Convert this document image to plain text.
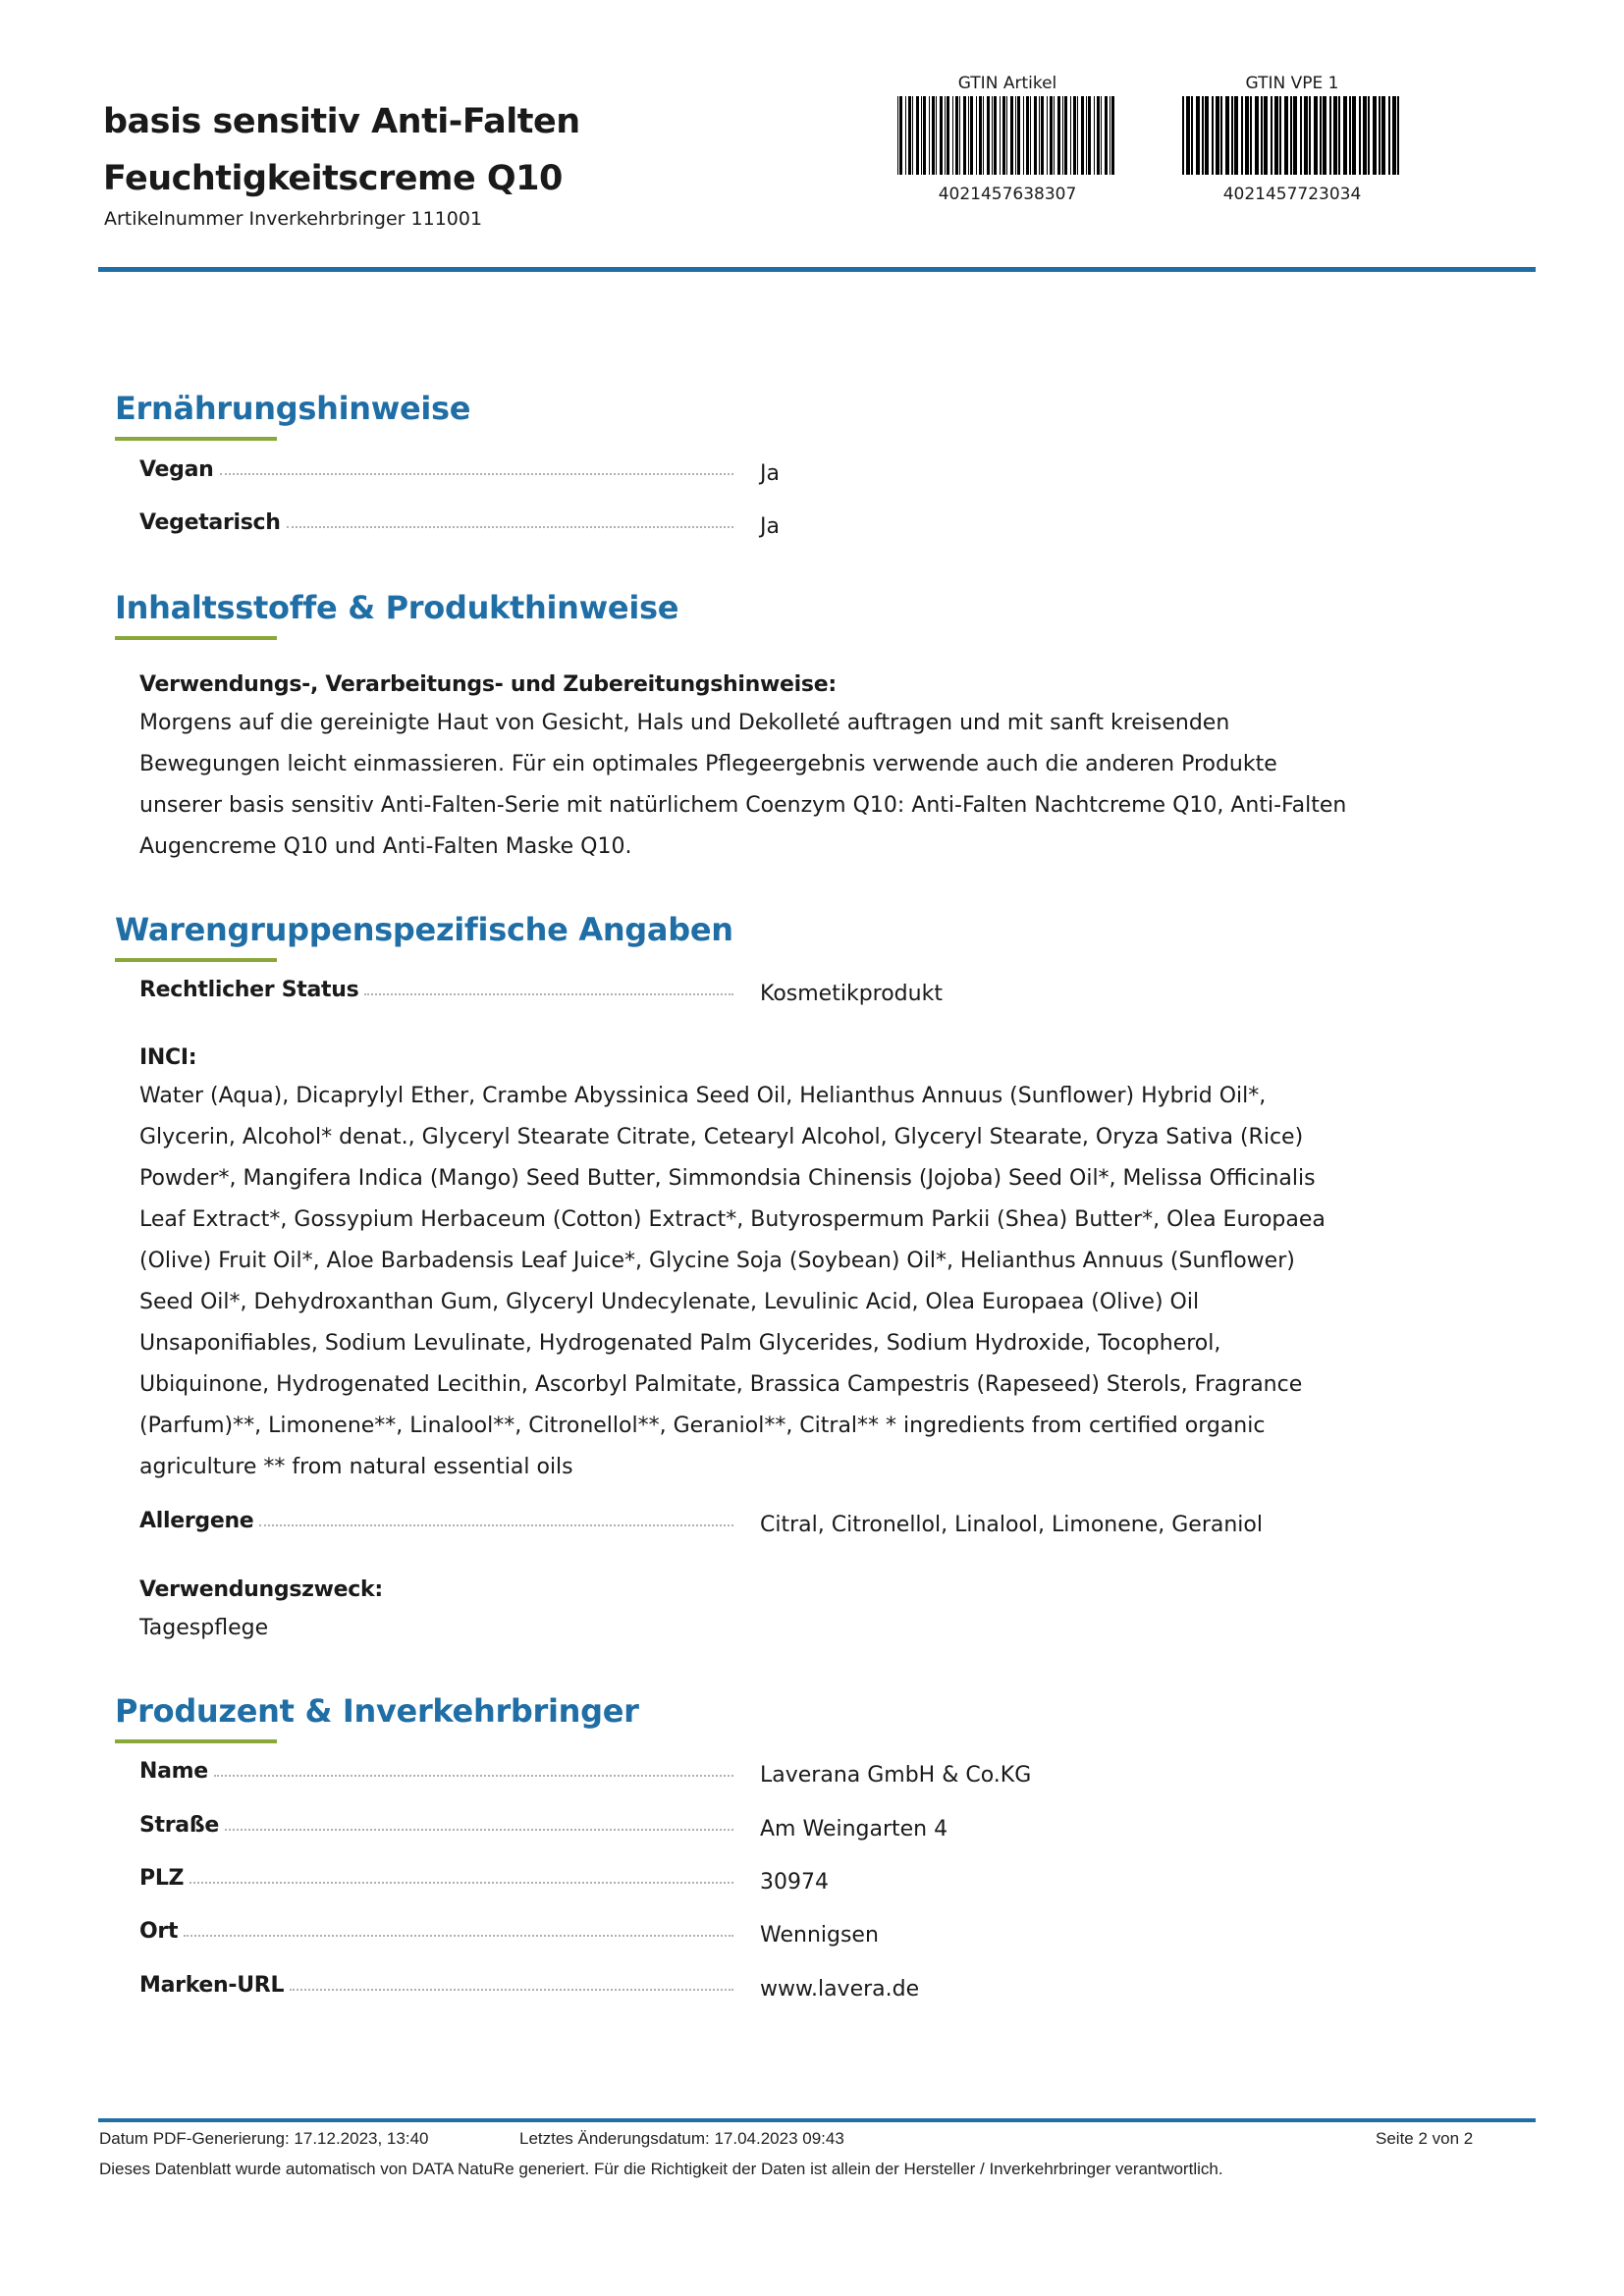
basis sensitiv Anti-Falten Feuchtigkeitscreme Q10
Artikelnummer Inverkehrbringer 111001
GTIN Artikel
4021457638307
GTIN VPE 1
4021457723034
Ernährungshinweise
Vegan	Ja
Vegetarisch	Ja
Inhaltsstoffe & Produkthinweise
Verwendungs-, Verarbeitungs- und Zubereitungshinweise:
Morgens auf die gereinigte Haut von Gesicht, Hals und Dekolleté auftragen und mit sanft kreisenden Bewegungen leicht einmassieren. Für ein optimales Pflegeergebnis verwende auch die anderen Produkte unserer basis sensitiv Anti-Falten-Serie mit natürlichem Coenzym Q10: Anti-Falten Nachtcreme Q10, Anti-Falten Augencreme Q10 und Anti-Falten Maske Q10.
Warengruppenspezifische Angaben
Rechtlicher Status	Kosmetikprodukt
INCI:
Water (Aqua), Dicaprylyl Ether, Crambe Abyssinica Seed Oil, Helianthus Annuus (Sunflower) Hybrid Oil*, Glycerin, Alcohol* denat., Glyceryl Stearate Citrate, Cetearyl Alcohol, Glyceryl Stearate, Oryza Sativa (Rice) Powder*, Mangifera Indica (Mango) Seed Butter, Simmondsia Chinensis (Jojoba) Seed Oil*, Melissa Officinalis Leaf Extract*, Gossypium Herbaceum (Cotton) Extract*, Butyrospermum Parkii (Shea) Butter*, Olea Europaea (Olive) Fruit Oil*, Aloe Barbadensis Leaf Juice*, Glycine Soja (Soybean) Oil*, Helianthus Annuus (Sunflower) Seed Oil*, Dehydroxanthan Gum, Glyceryl Undecylenate, Levulinic Acid, Olea Europaea (Olive) Oil Unsaponifiables, Sodium Levulinate, Hydrogenated Palm Glycerides, Sodium Hydroxide, Tocopherol, Ubiquinone, Hydrogenated Lecithin, Ascorbyl Palmitate, Brassica Campestris (Rapeseed) Sterols, Fragrance (Parfum)**, Limonene**, Linalool**, Citronellol**, Geraniol**, Citral** * ingredients from certified organic agriculture ** from natural essential oils
Allergene	Citral, Citronellol, Linalool, Limonene, Geraniol
Verwendungszweck:
Tagespflege
Produzent & Inverkehrbringer
Name	Laverana GmbH & Co.KG
Straße	Am Weingarten 4
PLZ	30974
Ort	Wennigsen
Marken-URL	www.lavera.de
Datum PDF-Generierung: 17.12.2023, 13:40	Letztes Änderungsdatum: 17.04.2023 09:43	Seite 2 von 2
Dieses Datenblatt wurde automatisch von DATA NatuRe generiert. Für die Richtigkeit der Daten ist allein der Hersteller / Inverkehrbringer verantwortlich.
